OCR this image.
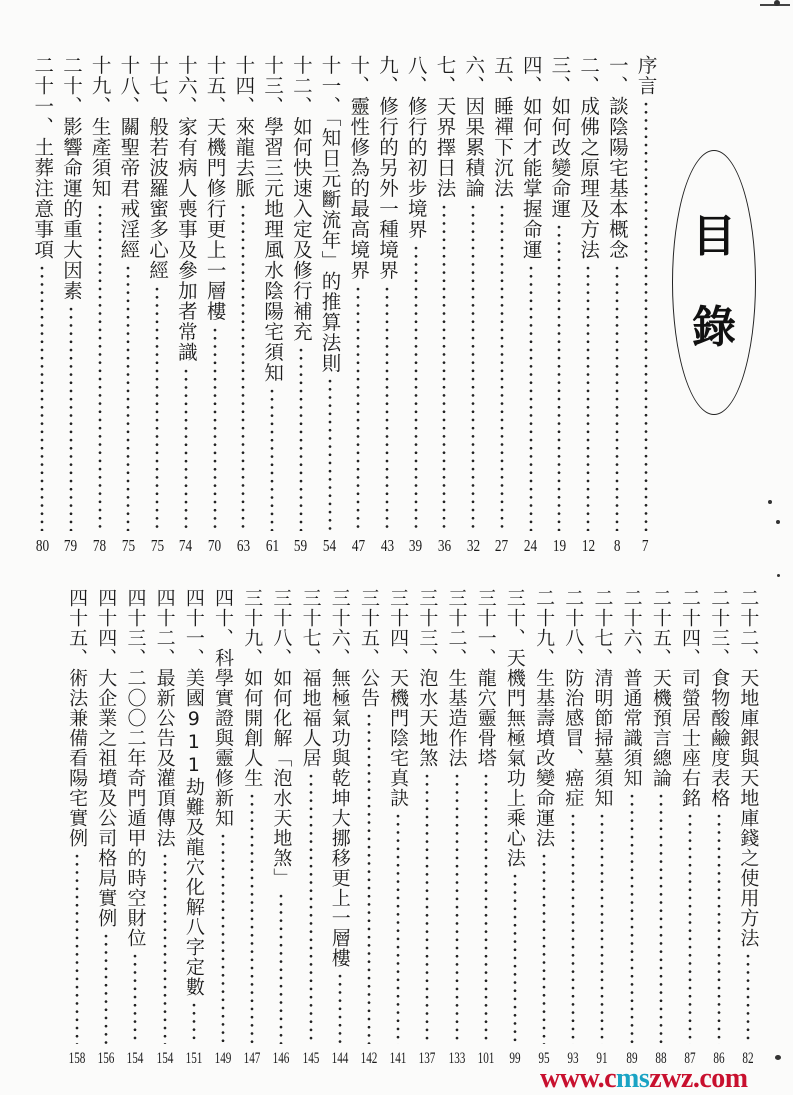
目
錄
序言
7
一、談陰陽宅基本概念
8
二、成佛之原理及方法
12
三、如何改變命運
19
四、如何才能掌握命運
24
五、睡禪下沉法
27
六、因果累積論
32
七、天界擇日法
36
八、修行的初步境界
39
九、修行的另外一種境界
43
十、靈性修為的最高境界
47
十一、「知日元斷流年」的推算法則
54
十二、如何快速入定及修行補充
59
十三、學習三元地理風水陰陽宅須知
61
十四、來龍去脈
63
十五、天機門修行更上一層樓
70
十六、家有病人喪事及參加者常識
74
十七、般若波羅蜜多心經
75
十八、關聖帝君戒淫經
75
十九、生產須知
78
二十、影響命運的重大因素
79
二十一、土葬注意事項
80
二十二、天地庫銀與天地庫錢之使用方法
82
二十三、食物酸鹼度表格
86
二十四、司螢居士座右銘
87
二十五、天機預言總論
88
二十六、普通常識須知
89
二十七、清明節掃墓須知
91
二十八、防治感冒、癌症
93
二十九、生基壽墳改變命運法
95
三十、天機門無極氣功上乘心法
99
三十一、龍穴靈骨塔
101
三十二、生基造作法
133
三十三、泡水天地煞
137
三十四、天機門陰宅真訣
141
三十五、公告
142
三十六、無極氣功與乾坤大挪移更上一層樓
144
三十七、福地福人居
145
三十八、如何化解「泡水天地煞」
146
三十九、如何開創人生
147
四十、科學實證與靈修新知
149
四十一、美國911劫難及龍穴化解八字定數
151
四十二、最新公告及灌頂傳法
154
四十三、二〇〇二年奇門遁甲的時空財位
154
四十四、大企業之祖墳及公司格局實例
156
四十五、術法兼備看陽宅實例
158
www.cmszwz.com
